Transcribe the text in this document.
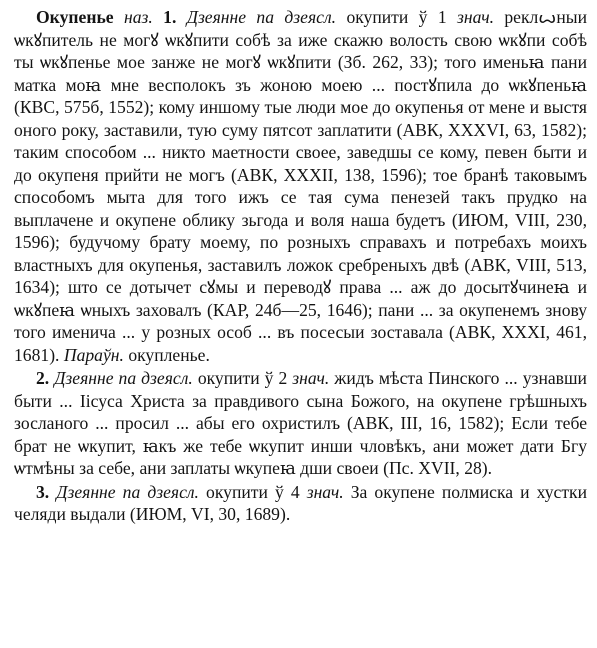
Окупенье наз. 1. Дзеянне па дзеясл. окупити ў 1 знач. реклꙍныи ѡкꙋпитель не могꙋ ѡкꙋпити собѣ за иже скажю волость свою ѡкꙋпи собѣ ты ѡкꙋпенье мое занже не могꙋ ѡкꙋпити (Зб. 262, 33); того именьꙗ пани матка моꙗ мне весполокъ зъ жоною моею ... постꙋпила до ѡкꙋпеньꙗ (КВС, 575б, 1552); кому иншому тые люди мое до окупенья от мене и выстя оного року, заставили, тую суму пятсот заплатити (АВК, XXXVI, 63, 1582); таким способом ... никто маетности своее, заведшы се кому, певен быти и до окупеня прийти не могъ (АВК, XXXII, 138, 1596); тое бранѣ таковымъ способомъ мыта для того ижъ се тая сума пенезей такъ прудко на выплачене и окупене облику зьгода и воля наша будетъ (ИЮМ, VIII, 230, 1596); будучому брату моему, по розныхъ справахъ и потребахъ моихъ властныхъ для окупенья, заставилъ ложок сребреныхъ двѣ (АВК, VIII, 513, 1634); што се дотычет сꙋмы и переводꙋ права ... аж до досытꙋчинеꙗ и ѡкꙋпеꙗ ѡныхъ заховалъ (КАР, 24б—25, 1646); пани ... за окупенемъ знову того именича ... у розных особ ... въ посесыи зоставала (АВК, XXXI, 461, 1681). Параўн. окупленье.

2. Дзеянне па дзеясл. окупити ў 2 знач. жидъ мѣста Пинского ... узнавши быти ... Іісуса Христа за правдивого сына Божого, на окупене грѣшныхъ зосланого ... просил ... абы его охристилъ (АВК, III, 16, 1582); Если тебе брат не ѡкупит, ꙗкъ же тебе ѡкупит инши чловѣкъ, ани может дати Бгу ѡтмѣны за себе, ани заплаты ѡкупеꙗ дши своеи (Пс. XVII, 28).

3. Дзеянне па дзеясл. окупити ў 4 знач. За окупене полмиска и хустки челяди выдали (ИЮМ, VI, 30, 1689).
